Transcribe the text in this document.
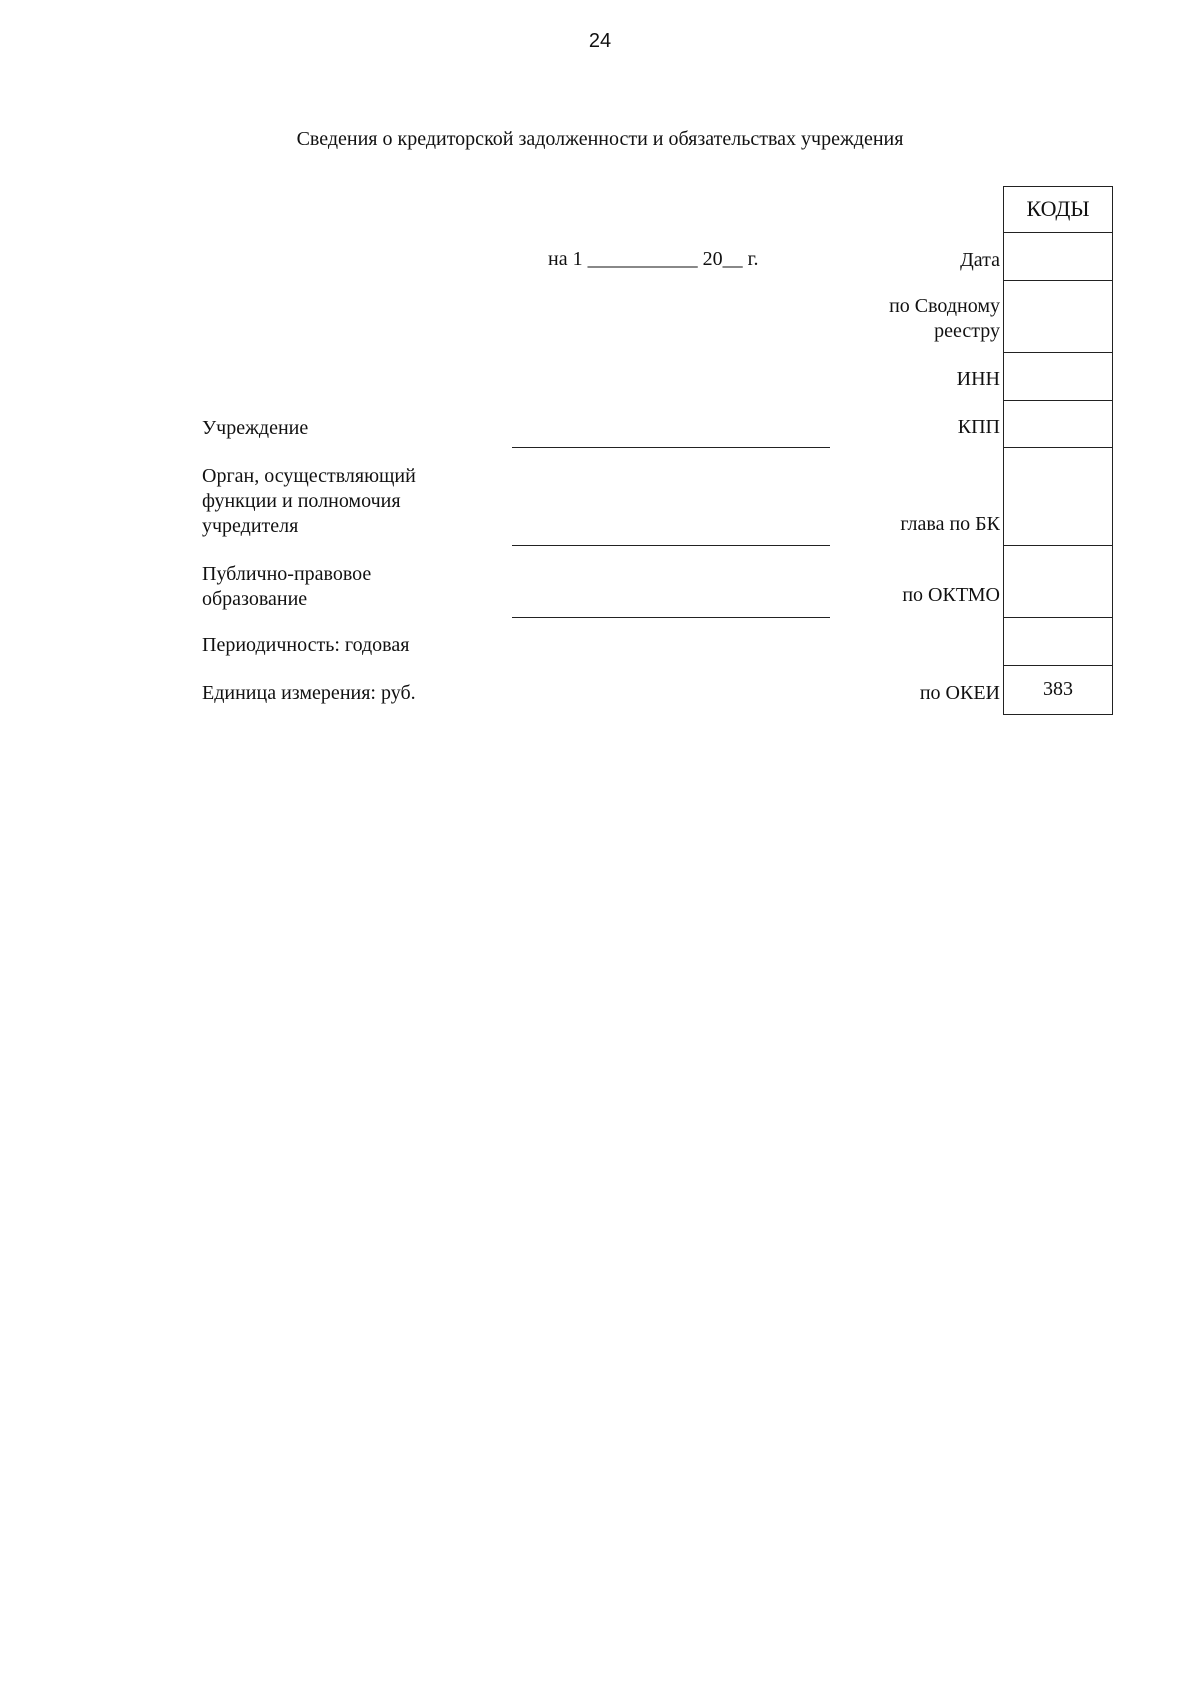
24
Сведения о кредиторской задолженности и обязательствах учреждения
на 1 ___________ 20__ г.
Учреждение
Орган, осуществляющий
функции и полномочия
учредителя
Публично-правовое
образование
Периодичность: годовая
Единица измерения: руб.
Дата
по Сводному
реестру
ИНН
КПП
глава по БК
по ОКТМО
по ОКЕИ
КОДЫ
383
